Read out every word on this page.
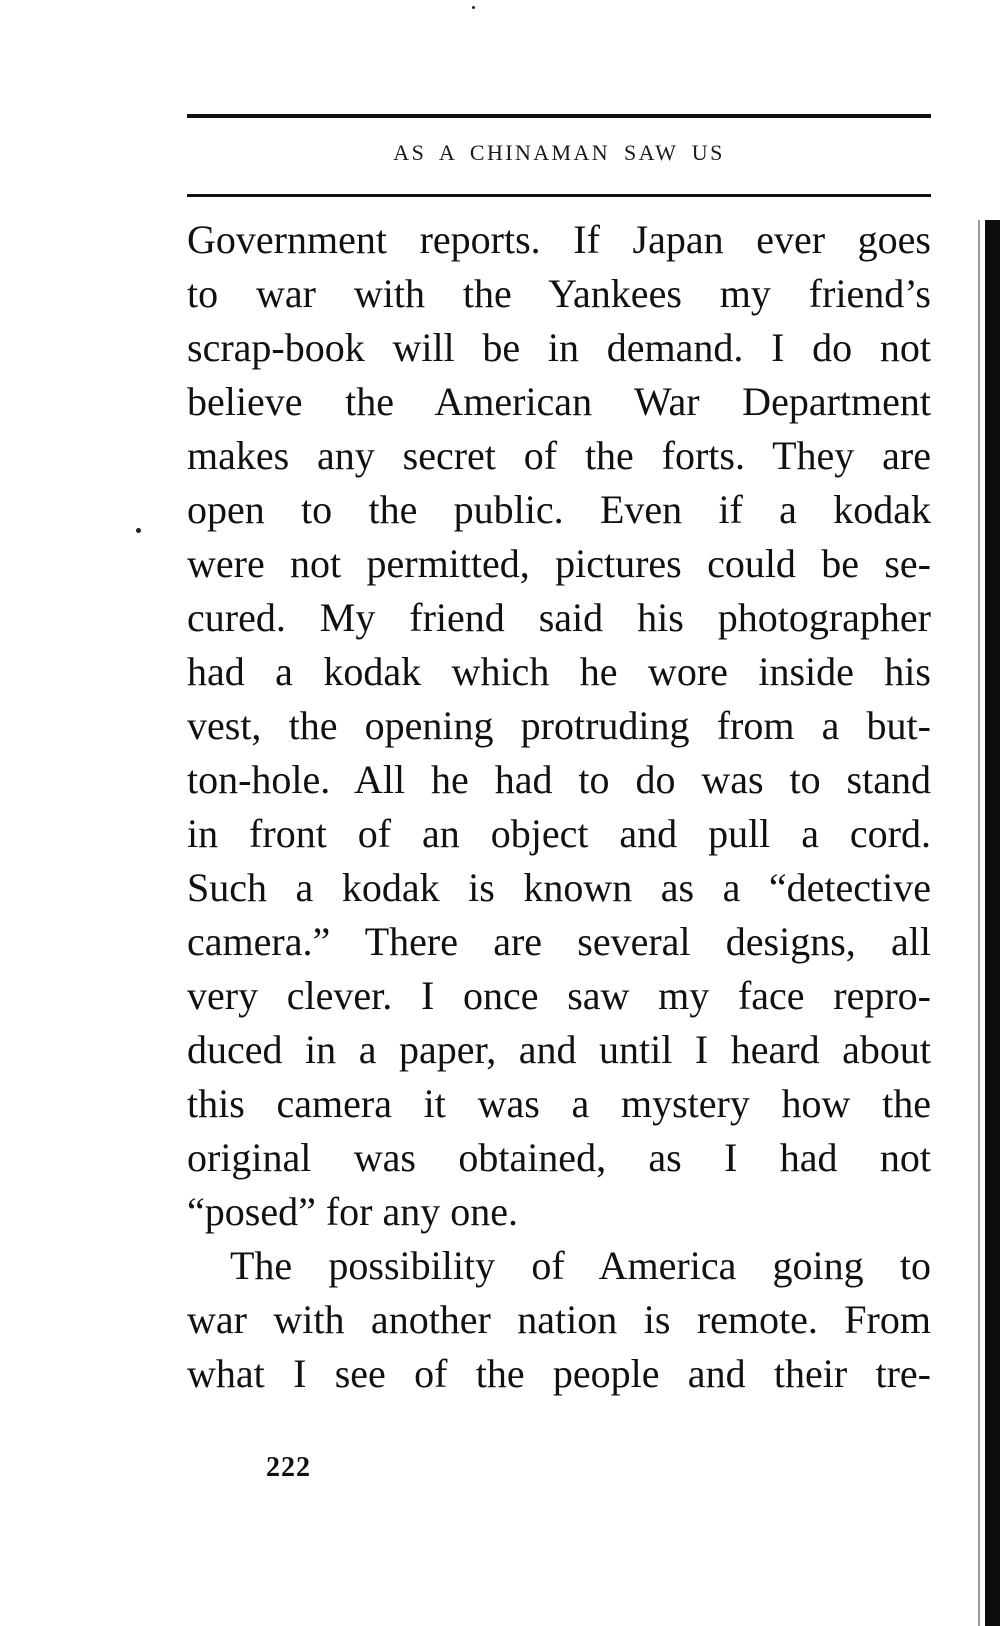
AS A CHINAMAN SAW US
Government reports. If Japan ever goes
to war with the Yankees my friend’s
scrap-book will be in demand. I do not
believe the American War Department
makes any secret of the forts. They are
open to the public. Even if a kodak
were not permitted, pictures could be se-
cured. My friend said his photographer
had a kodak which he wore inside his
vest, the opening protruding from a but-
ton-hole. All he had to do was to stand
in front of an object and pull a cord.
Such a kodak is known as a “detective
camera.” There are several designs, all
very clever. I once saw my face repro-
duced in a paper, and until I heard about
this camera it was a mystery how the
original was obtained, as I had not
“posed” for any one.
The possibility of America going to
war with another nation is remote. From
what I see of the people and their tre-
222
